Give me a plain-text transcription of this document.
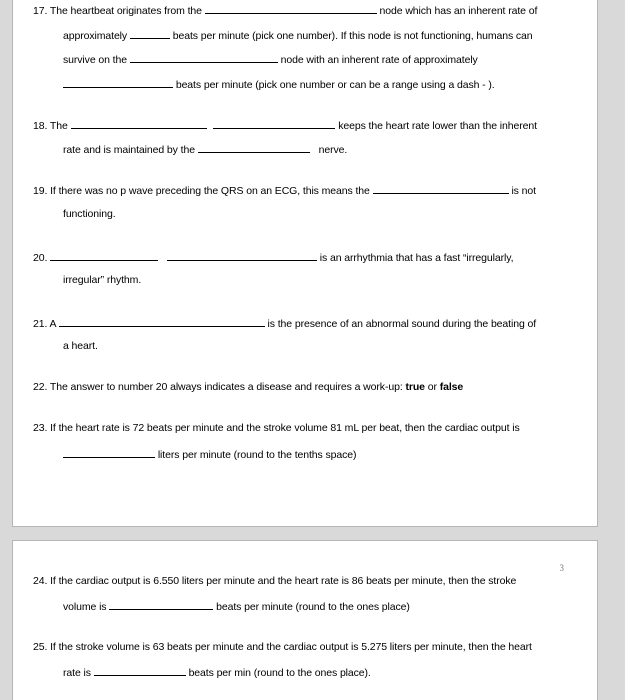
17. The heartbeat originates from the	node which has an inherent rate of
approximately	beats per minute (pick one number). If this node is not functioning, humans can
survive on the	node with an inherent rate of approximately
beats per minute (pick one number or can be a range using a dash - ).
18. The	keeps the heart rate lower than the inherent
rate and is maintained by the	nerve.
19. If there was no p wave preceding the QRS on an ECG, this means the	is not
functioning.
20.	is an arrhythmia that has a fast “irregularly,
irregular” rhythm.
21. A	is the presence of an abnormal sound during the beating of
a heart.
22. The answer to number 20 always indicates a disease and requires a work-up: true or false
23. If the heart rate is 72 beats per minute and the stroke volume 81 mL per beat, then the cardiac output is
liters per minute (round to the tenths space)
3
24. If the cardiac output is 6.550 liters per minute and the heart rate is 86 beats per minute, then the stroke
volume is	beats per minute (round to the ones place)
25. If the stroke volume is 63 beats per minute and the cardiac output is 5.275 liters per minute, then the heart
rate is	beats per min (round to the ones place).
